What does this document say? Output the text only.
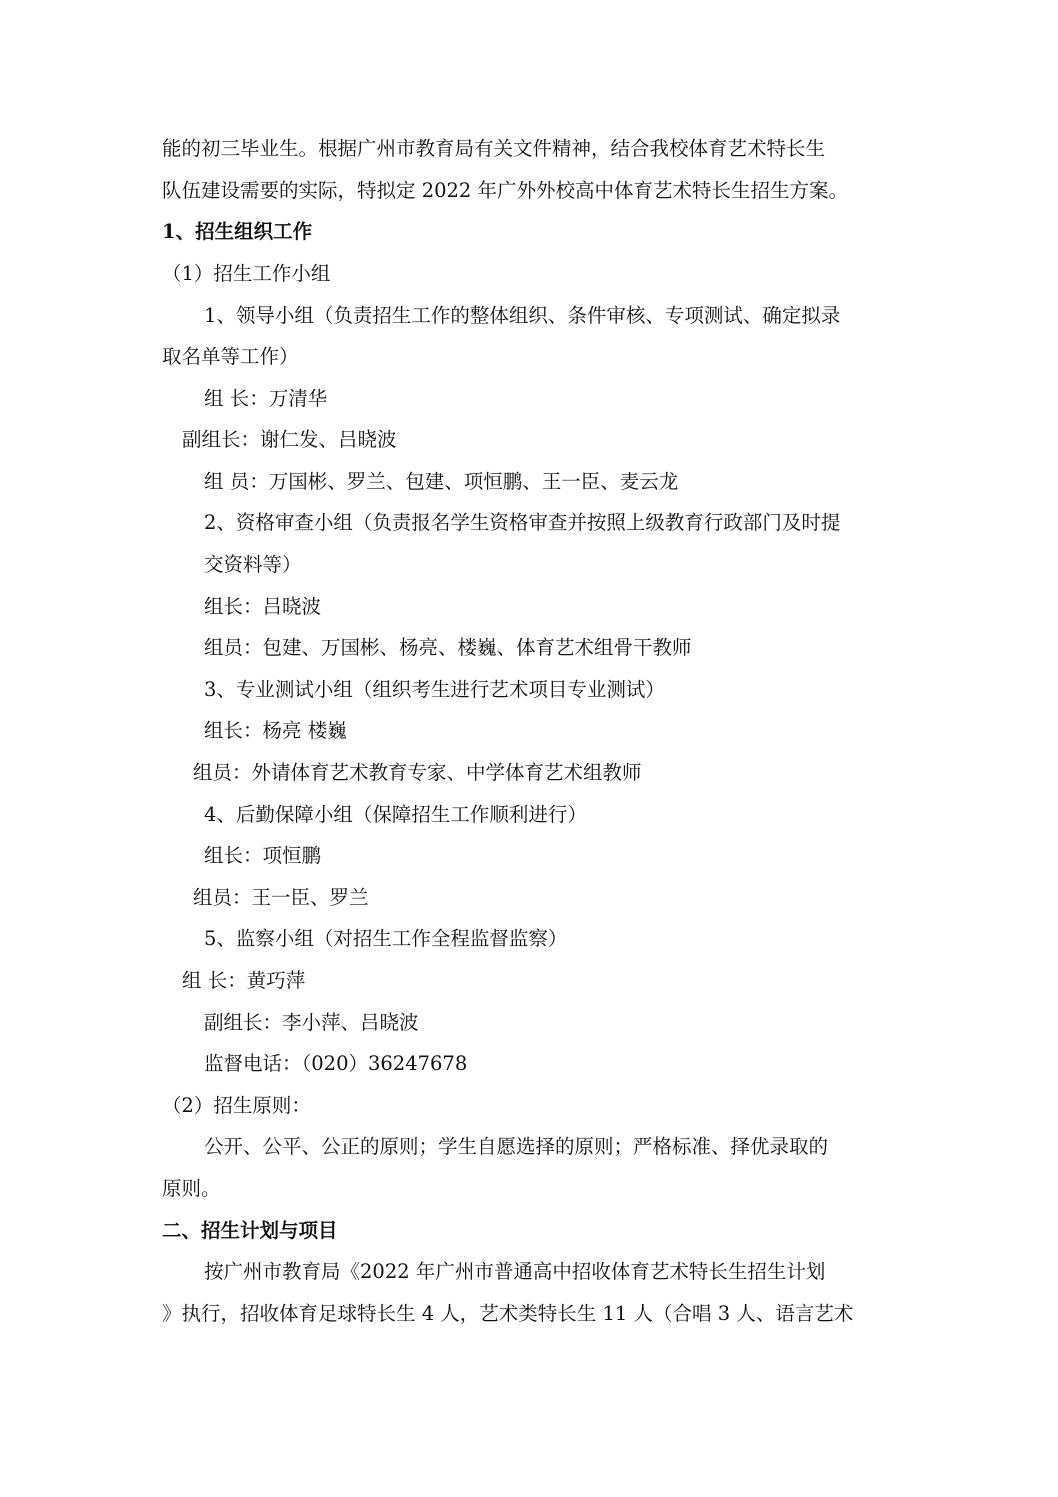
能的初三毕业生。根据广州市教育局有关文件精神，结合我校体育艺术特长生
队伍建设需要的实际，特拟定 2022 年广外外校高中体育艺术特长生招生方案。
1、招生组织工作
（1）招生工作小组
1、领导小组（负责招生工作的整体组织、条件审核、专项测试、确定拟录
取名单等工作）
组 长：万清华
副组长：谢仁发、吕晓波
组 员：万国彬、罗兰、包建、项恒鹏、王一臣、麦云龙
2、资格审查小组（负责报名学生资格审查并按照上级教育行政部门及时提
交资料等）
组长：吕晓波
组员：包建、万国彬、杨亮、楼巍、体育艺术组骨干教师
3、专业测试小组（组织考生进行艺术项目专业测试）
组长：杨亮 楼巍
组员：外请体育艺术教育专家、中学体育艺术组教师
4、后勤保障小组（保障招生工作顺利进行）
组长：项恒鹏
组员：王一臣、罗兰
5、监察小组（对招生工作全程监督监察）
组 长：黄巧萍
副组长：李小萍、吕晓波
监督电话：（020）36247678
（2）招生原则：
公开、公平、公正的原则；学生自愿选择的原则；严格标准、择优录取的
原则。
二、招生计划与项目
按广州市教育局《2022 年广州市普通高中招收体育艺术特长生招生计划
》执行，招收体育足球特长生 4 人，艺术类特长生 11 人（合唱 3 人、语言艺术
